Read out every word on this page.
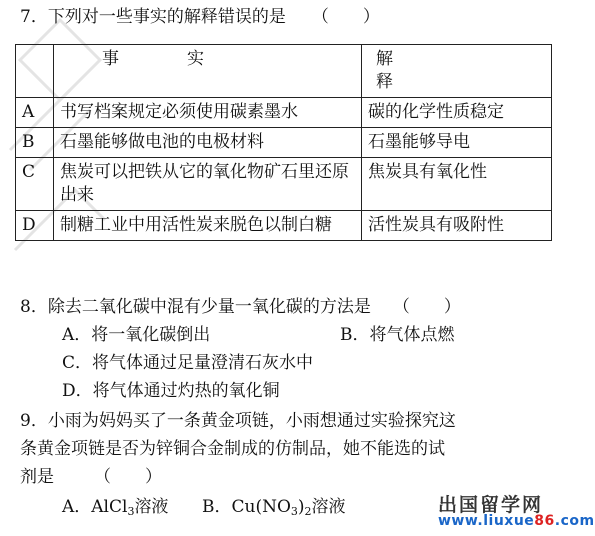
7．下列对一些事实的解释错误的是 （　　）
	事实	解释
A	书写档案规定必须使用碳素墨水	碳的化学性质稳定
B	石墨能够做电池的电极材料	石墨能够导电
C	焦炭可以把铁从它的氧化物矿石里还原出来	焦炭具有氧化性
D	制糖工业中用活性炭来脱色以制白糖	活性炭具有吸附性
8．除去二氧化碳中混有少量一氧化碳的方法是 （　　）
A．将一氧化碳倒出	B．将气体点燃
C．将气体通过足量澄清石灰水中
D．将气体通过灼热的氧化铜
9．小雨为妈妈买了一条黄金项链，小雨想通过实验探究这
条黄金项链是否为锌铜合金制成的仿制品，她不能选的试
剂是 （　　）
A．AlCl$_3$溶液 B．$Cu(NO_3)_2$溶液	出国留学网
www.liuxue86.com
